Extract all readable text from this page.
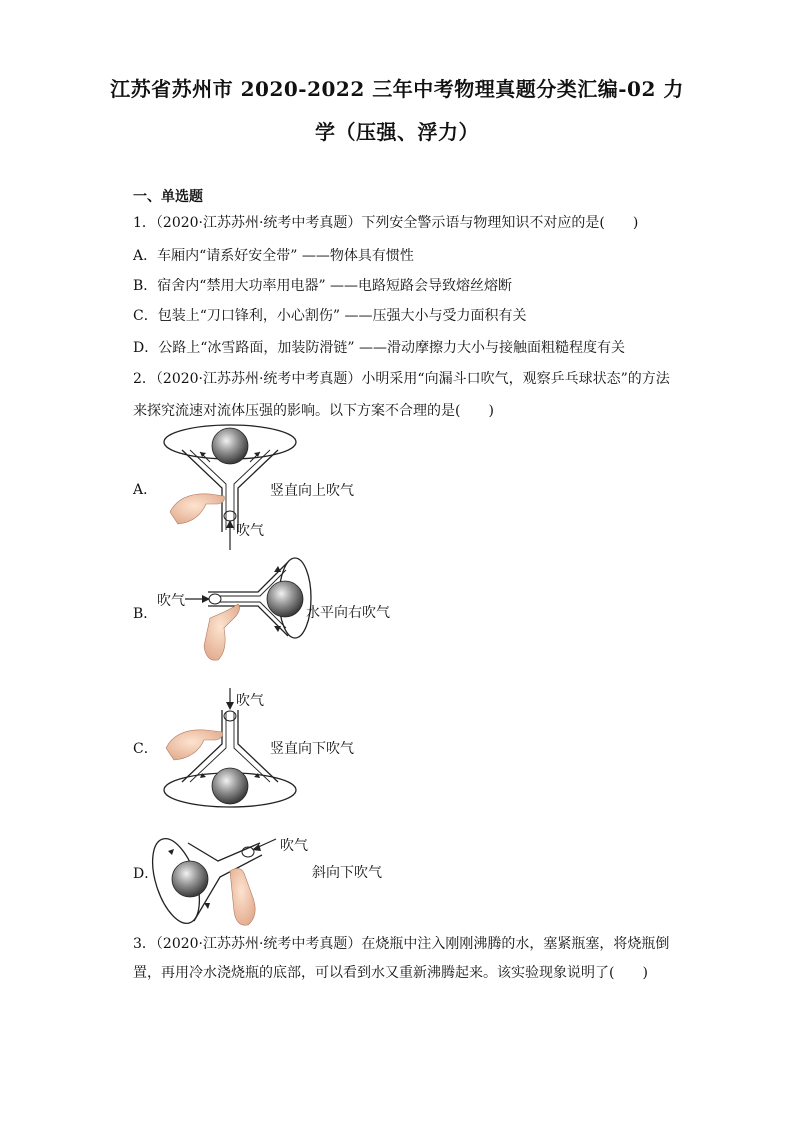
江苏省苏州市 2020-2022 三年中考物理真题分类汇编-02 力
学（压强、浮力）
一、单选题
1．（2020·江苏苏州·统考中考真题）下列安全警示语与物理知识不对应的是(　　)
A．车厢内“请系好安全带” ——物体具有惯性
B．宿舍内“禁用大功率用电器” ——电路短路会导致熔丝熔断
C．包装上“刀口锋利，小心割伤” ——压强大小与受力面积有关
D．公路上“冰雪路面，加装防滑链” ——滑动摩擦力大小与接触面粗糙程度有关
2．（2020·江苏苏州·统考中考真题）小明采用“向漏斗口吹气，观察乒乓球状态”的方法
来探究流速对流体压强的影响。以下方案不合理的是(　　)
A．
吹气
竖直向上吹气
B．
吹气
水平向右吹气
C．
吹气
竖直向下吹气
D．
吹气
斜向下吹气
3．（2020·江苏苏州·统考中考真题）在烧瓶中注入刚刚沸腾的水，塞紧瓶塞，将烧瓶倒
置，再用冷水浇烧瓶的底部，可以看到水又重新沸腾起来。该实验现象说明了(　　)
